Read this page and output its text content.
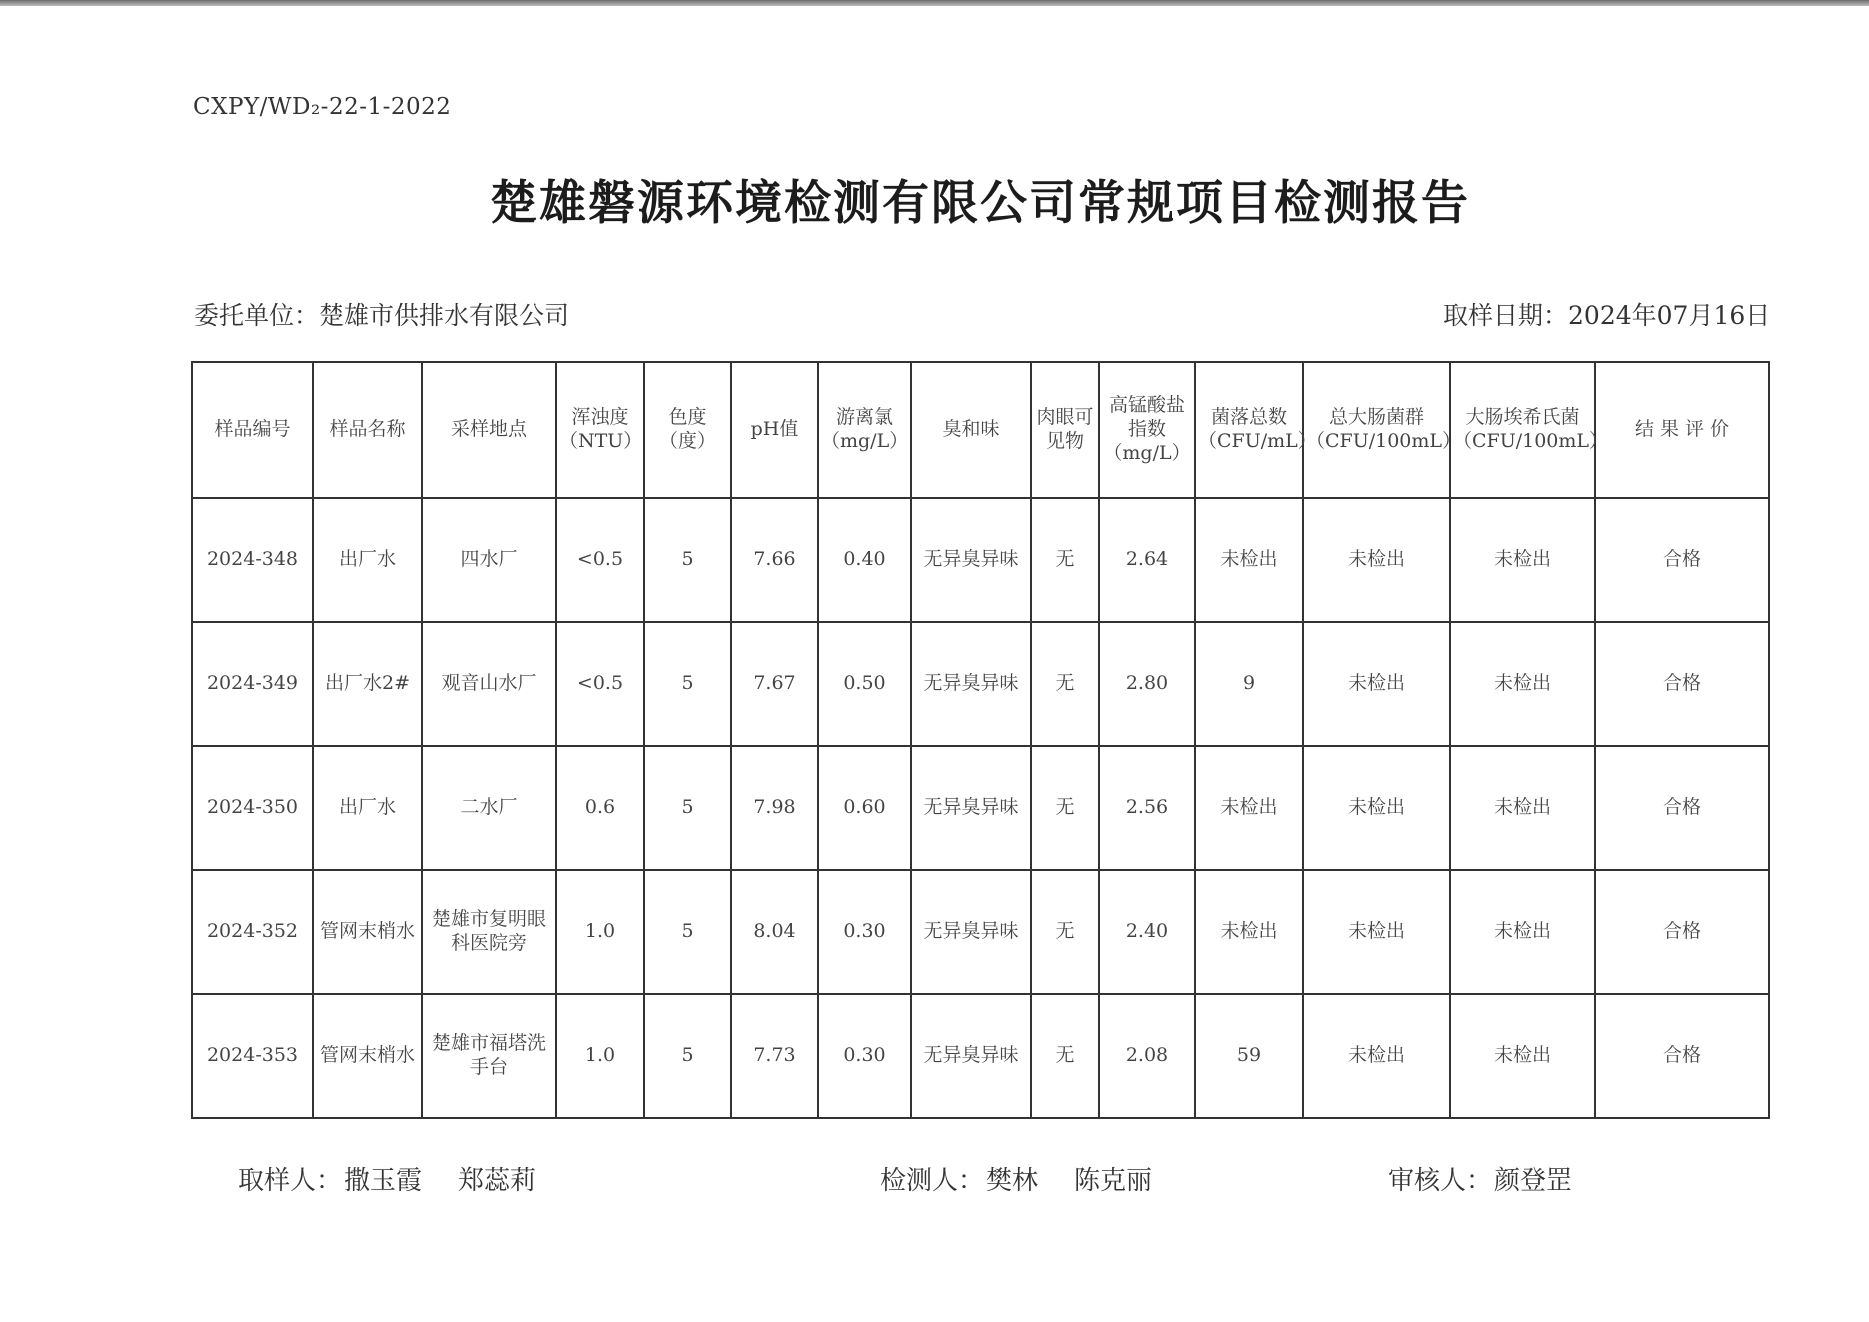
CXPY/WD₂-22-1-2022
楚雄磐源环境检测有限公司常规项目检测报告
委托单位：楚雄市供排水有限公司	取样日期：2024年07月16日
样品编号	样品名称	采样地点	浑浊度（NTU）	色度（度）	pH值	游离氯（mg/L）	臭和味	肉眼可见物	高锰酸盐指数（mg/L）	菌落总数（CFU/mL）	总大肠菌群（CFU/100mL）	大肠埃希氏菌（CFU/100mL）	结 果 评 价
2024-348	出厂水	四水厂	<0.5	5	7.66	0.40	无异臭异味	无	2.64	未检出	未检出	未检出	合格
2024-349	出厂水2#	观音山水厂	<0.5	5	7.67	0.50	无异臭异味	无	2.80	9	未检出	未检出	合格
2024-350	出厂水	二水厂	0.6	5	7.98	0.60	无异臭异味	无	2.56	未检出	未检出	未检出	合格
2024-352	管网末梢水	楚雄市复明眼科医院旁	1.0	5	8.04	0.30	无异臭异味	无	2.40	未检出	未检出	未检出	合格
2024-353	管网末梢水	楚雄市福塔洗手台	1.0	5	7.73	0.30	无异臭异味	无	2.08	59	未检出	未检出	合格
取样人：撒玉霞 郑蕊莉	检测人：樊林 陈克丽	审核人：颜登罡
